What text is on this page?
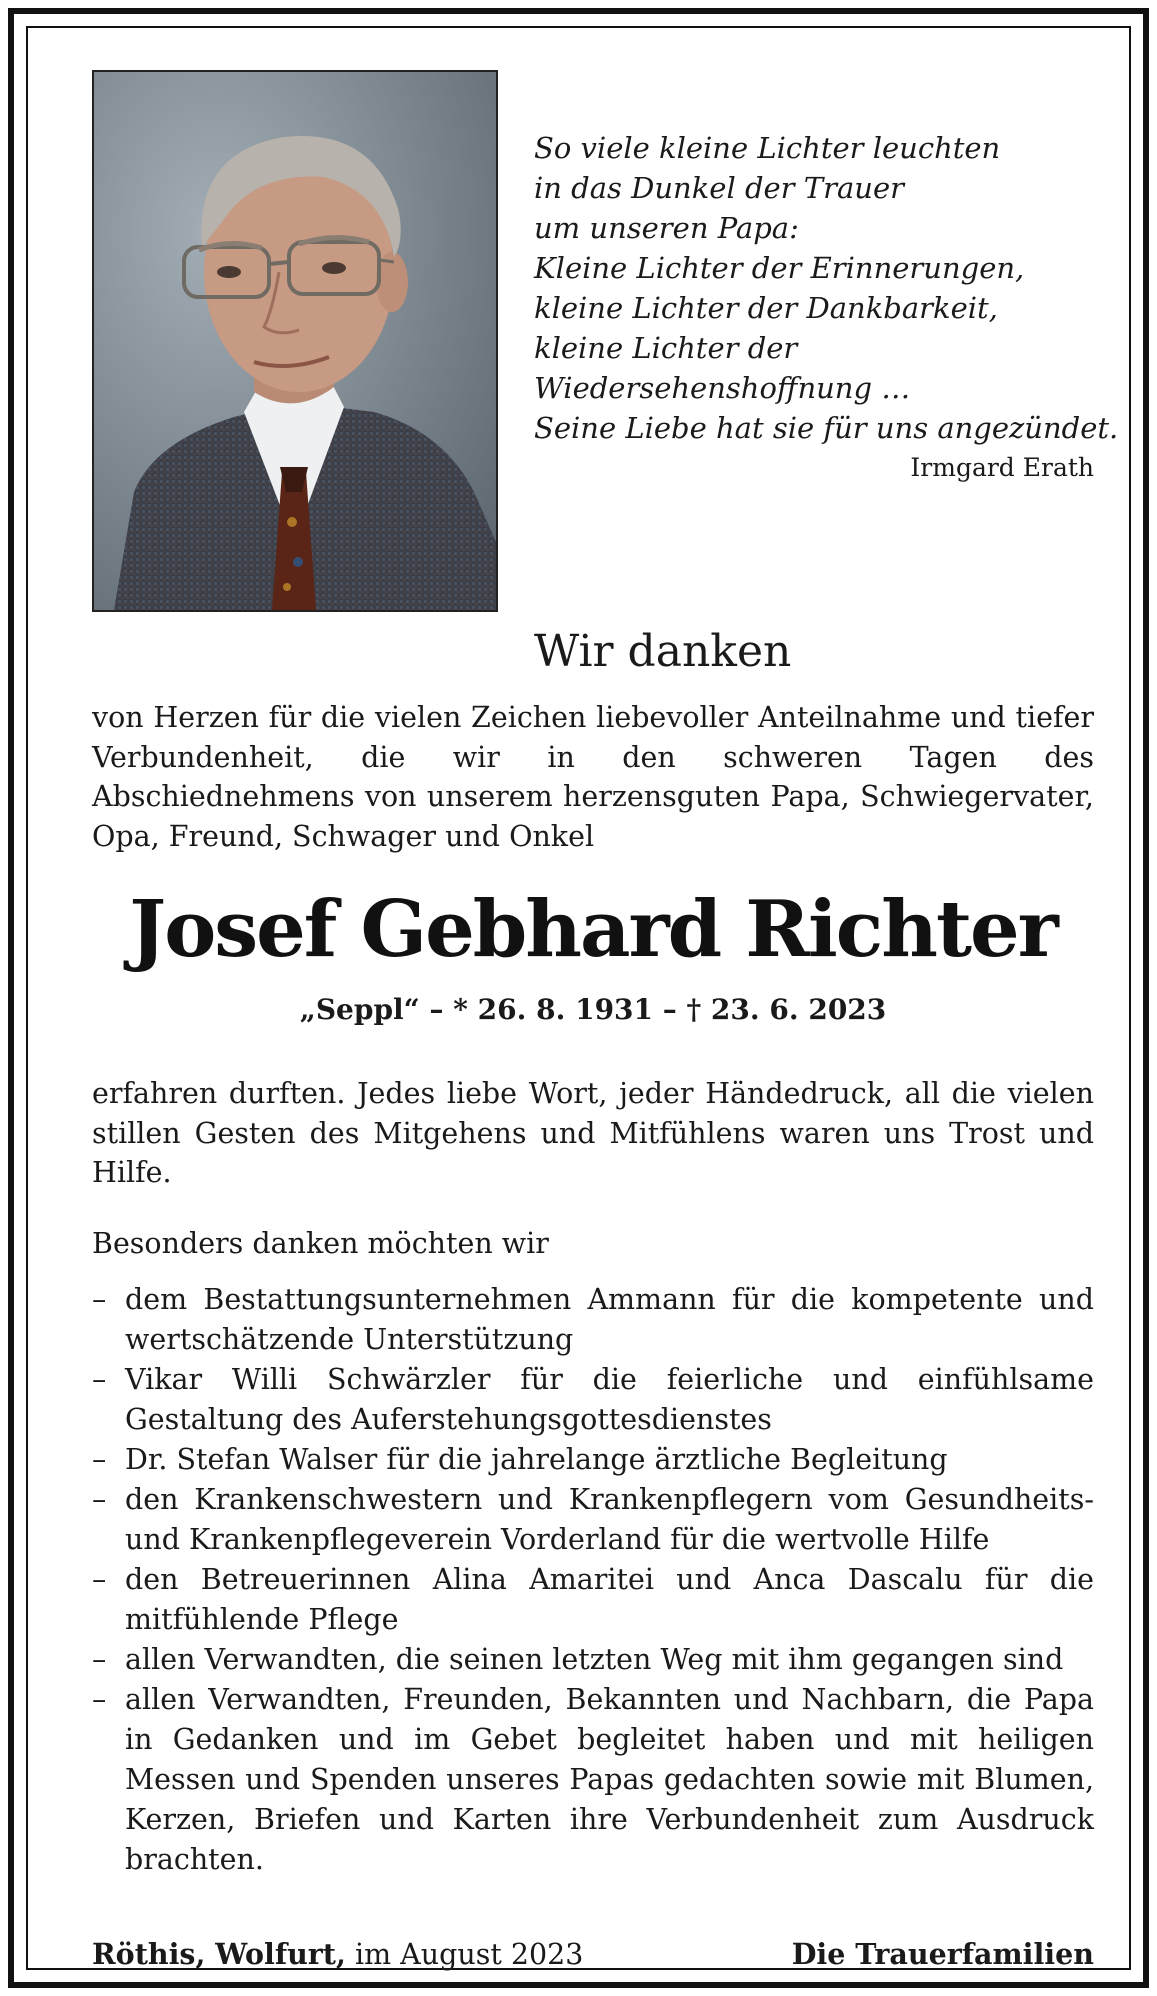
So viele kleine Lichter leuchten
in das Dunkel der Trauer
um unseren Papa:
Kleine Lichter der Erinnerungen,
kleine Lichter der Dankbarkeit,
kleine Lichter der
Wiedersehenshoffnung …
Seine Liebe hat sie für uns angezündet.
Irmgard Erath
Wir danken
von Herzen für die vielen Zeichen liebevoller Anteilnahme und tiefer Verbundenheit, die wir in den schweren Tagen des Abschiednehmens von unserem herzensguten Papa, Schwiegervater, Opa, Freund, Schwager und Onkel
Josef Gebhard Richter
„Seppl“ – * 26. 8. 1931 – † 23. 6. 2023
erfahren durften. Jedes liebe Wort, jeder Händedruck, all die vielen stillen Gesten des Mitgehens und Mitfühlens waren uns Trost und Hilfe.
Besonders danken möchten wir
– dem Bestattungsunternehmen Ammann für die kompetente und wertschätzende Unterstützung
– Vikar Willi Schwärzler für die feierliche und einfühlsame Gestaltung des Auferstehungsgottesdienstes
– Dr. Stefan Walser für die jahrelange ärztliche Begleitung
– den Krankenschwestern und Krankenpflegern vom Gesundheits- und Krankenpflegeverein Vorderland für die wertvolle Hilfe
– den Betreuerinnen Alina Amaritei und Anca Dascalu für die mitfühlende Pflege
– allen Verwandten, die seinen letzten Weg mit ihm gegangen sind
– allen Verwandten, Freunden, Bekannten und Nachbarn, die Papa in Gedanken und im Gebet begleitet haben und mit heiligen Messen und Spenden unseres Papas gedachten sowie mit Blumen, Kerzen, Briefen und Karten ihre Verbundenheit zum Ausdruck brachten.
Röthis, Wolfurt, im August 2023	Die Trauerfamilien
